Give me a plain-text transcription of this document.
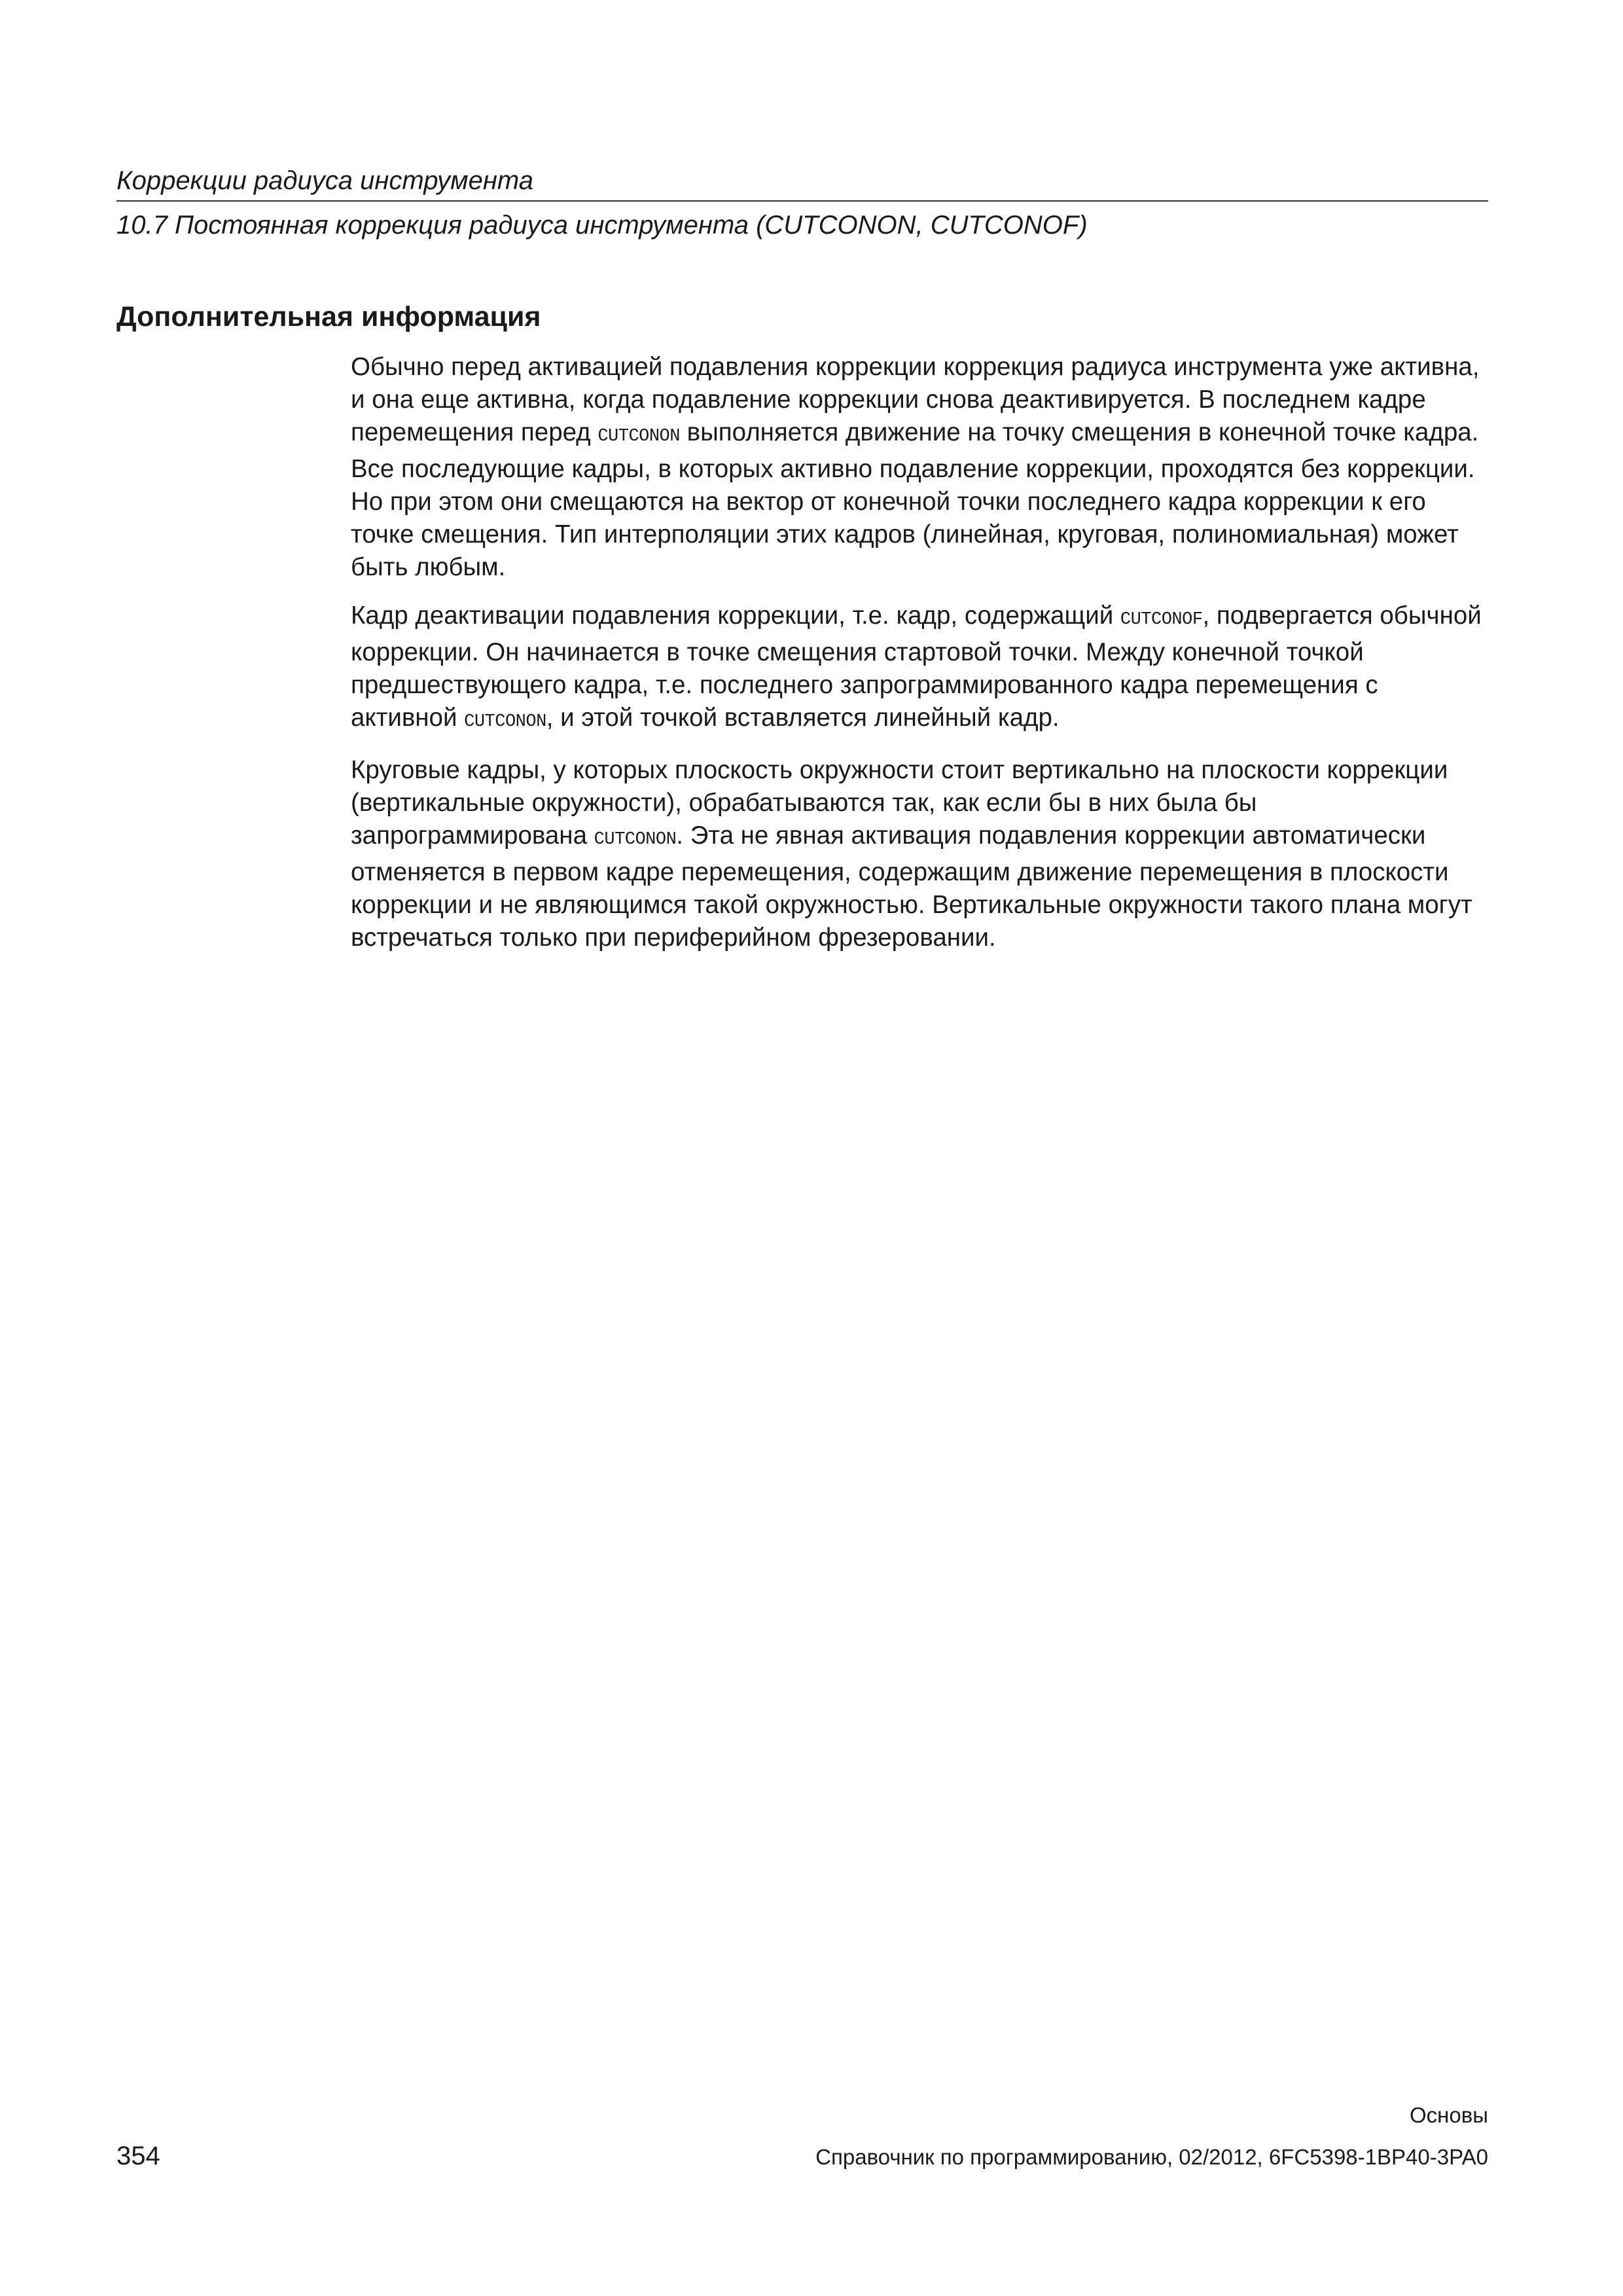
Коррекции радиуса инструмента
10.7 Постоянная коррекция радиуса инструмента (CUTCONON, CUTCONOF)
Дополнительная информация

Обычно перед активацией подавления коррекции коррекция радиуса инструмента уже активна, и она еще активна, когда подавление коррекции снова деактивируется. В последнем кадре перемещения перед CUTCONON выполняется движение на точку смещения в конечной точке кадра. Все последующие кадры, в которых активно подавление коррекции, проходятся без коррекции. Но при этом они смещаются на вектор от конечной точки последнего кадра коррекции к его точке смещения. Тип интерполяции этих кадров (линейная, круговая, полиномиальная) может быть любым.

Кадр деактивации подавления коррекции, т.е. кадр, содержащий CUTCONOF, подвергается обычной коррекции. Он начинается в точке смещения стартовой точки. Между конечной точкой предшествующего кадра, т.е. последнего запрограммированного кадра перемещения с активной CUTCONON, и этой точкой вставляется линейный кадр.

Круговые кадры, у которых плоскость окружности стоит вертикально на плоскости коррекции (вертикальные окружности), обрабатываются так, как если бы в них была бы запрограммирована CUTCONON. Эта не явная активация подавления коррекции автоматически отменяется в первом кадре перемещения, содержащим движение перемещения в плоскости коррекции и не являющимся такой окружностью. Вертикальные окружности такого плана могут встречаться только при периферийном фрезеровании.

Основы
354	Справочник по программированию, 02/2012, 6FC5398-1BP40-3PA0
